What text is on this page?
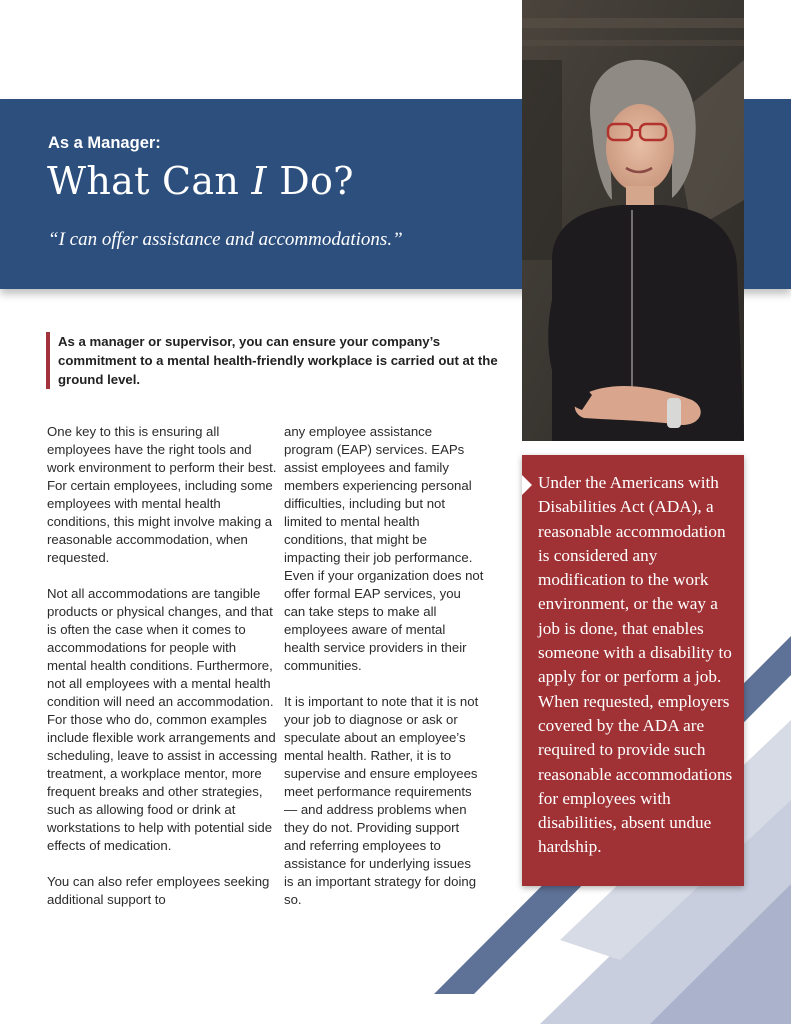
As a Manager:

What Can I Do?

“I can offer assistance and accommodations.”

As a manager or supervisor, you can ensure your company’s commitment to a mental health-friendly workplace is carried out at the ground level.

One key to this is ensuring all employees have the right tools and work environment to perform their best. For certain employees, including some employees with mental health conditions, this might involve making a reasonable accommodation, when requested.

Not all accommodations are tangible products or physical changes, and that is often the case when it comes to accommodations for people with mental health conditions. Furthermore, not all employees with a mental health condition will need an accommodation. For those who do, common examples include flexible work arrangements and scheduling, leave to assist in accessing treatment, a workplace mentor, more frequent breaks and other strategies, such as allowing food or drink at workstations to help with potential side effects of medication.

You can also refer employees seeking additional support to

any employee assistance program (EAP) services. EAPs assist employees and family members experiencing personal difficulties, including but not limited to mental health conditions, that might be impacting their job performance. Even if your organization does not offer formal EAP services, you can take steps to make all employees aware of mental health service providers in their communities.

It is important to note that it is not your job to diagnose or ask or speculate about an employee’s mental health. Rather, it is to supervise and ensure employees meet performance requirements— and address problems when they do not. Providing support and referring employees to assistance for underlying issues is an important strategy for doing so.

Under the Americans with Disabilities Act (ADA), a reasonable accommodation is considered any modification to the work environment, or the way a job is done, that enables someone with a disability to apply for or perform a job. When requested, employers covered by the ADA are required to provide such reasonable accommodations for employees with disabilities, absent undue hardship.
